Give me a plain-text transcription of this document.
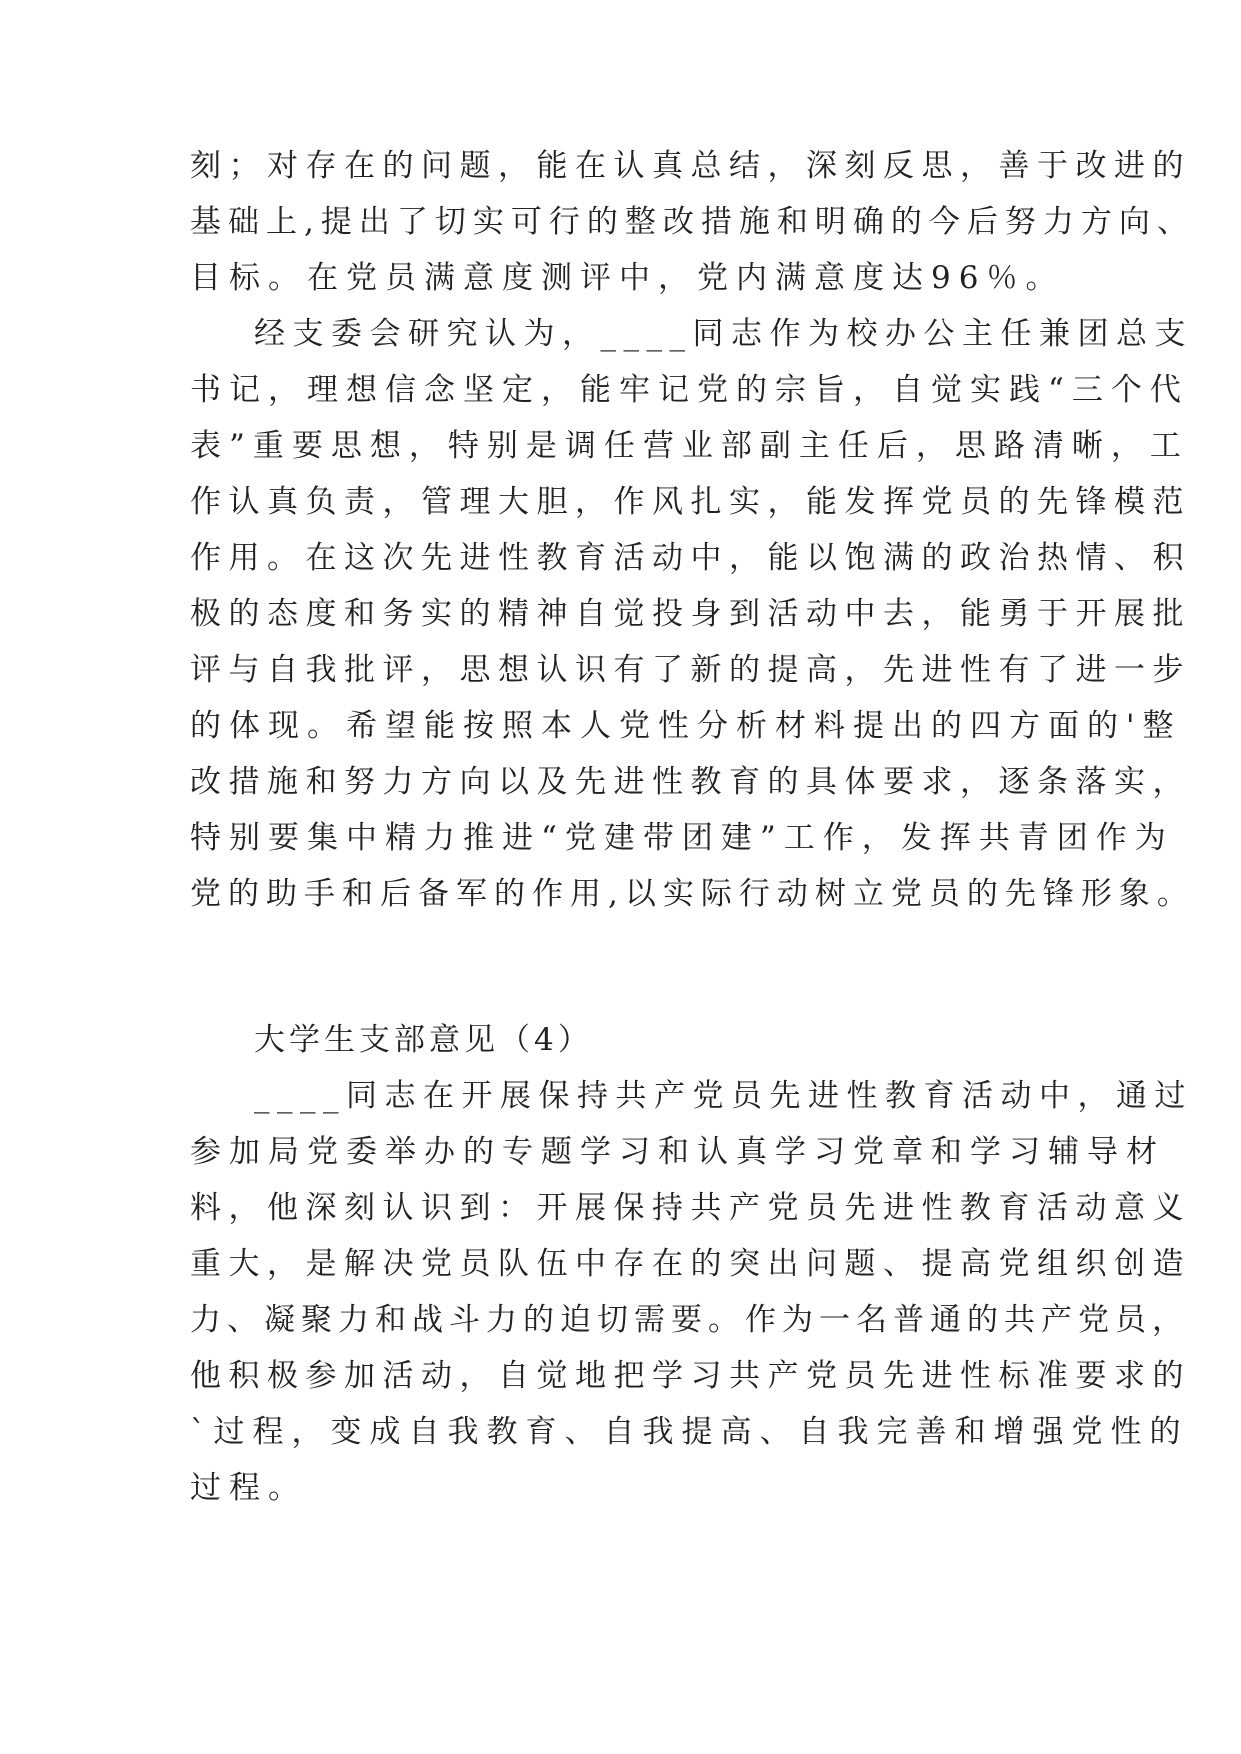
刻；对存在的问题，能在认真总结，深刻反思，善于改进的
基础上,提出了切实可行的整改措施和明确的今后努力方向、
目标。在党员满意度测评中，党内满意度达96％。
经支委会研究认为，____同志作为校办公主任兼团总支
书记，理想信念坚定，能牢记党的宗旨，自觉实践“三个代
表”重要思想，特别是调任营业部副主任后，思路清晰，工
作认真负责，管理大胆，作风扎实，能发挥党员的先锋模范
作用。在这次先进性教育活动中，能以饱满的政治热情、积
极的态度和务实的精神自觉投身到活动中去，能勇于开展批
评与自我批评，思想认识有了新的提高，先进性有了进一步
的体现。希望能按照本人党性分析材料提出的四方面的'整
改措施和努力方向以及先进性教育的具体要求，逐条落实，
特别要集中精力推进“党建带团建”工作，发挥共青团作为
党的助手和后备军的作用,以实际行动树立党员的先锋形象。
大学生支部意见（4）
____同志在开展保持共产党员先进性教育活动中，通过
参加局党委举办的专题学习和认真学习党章和学习辅导材
料，他深刻认识到：开展保持共产党员先进性教育活动意义
重大，是解决党员队伍中存在的突出问题、提高党组织创造
力、凝聚力和战斗力的迫切需要。作为一名普通的共产党员，
他积极参加活动，自觉地把学习共产党员先进性标准要求的
`过程，变成自我教育、自我提高、自我完善和增强党性的
过程。
